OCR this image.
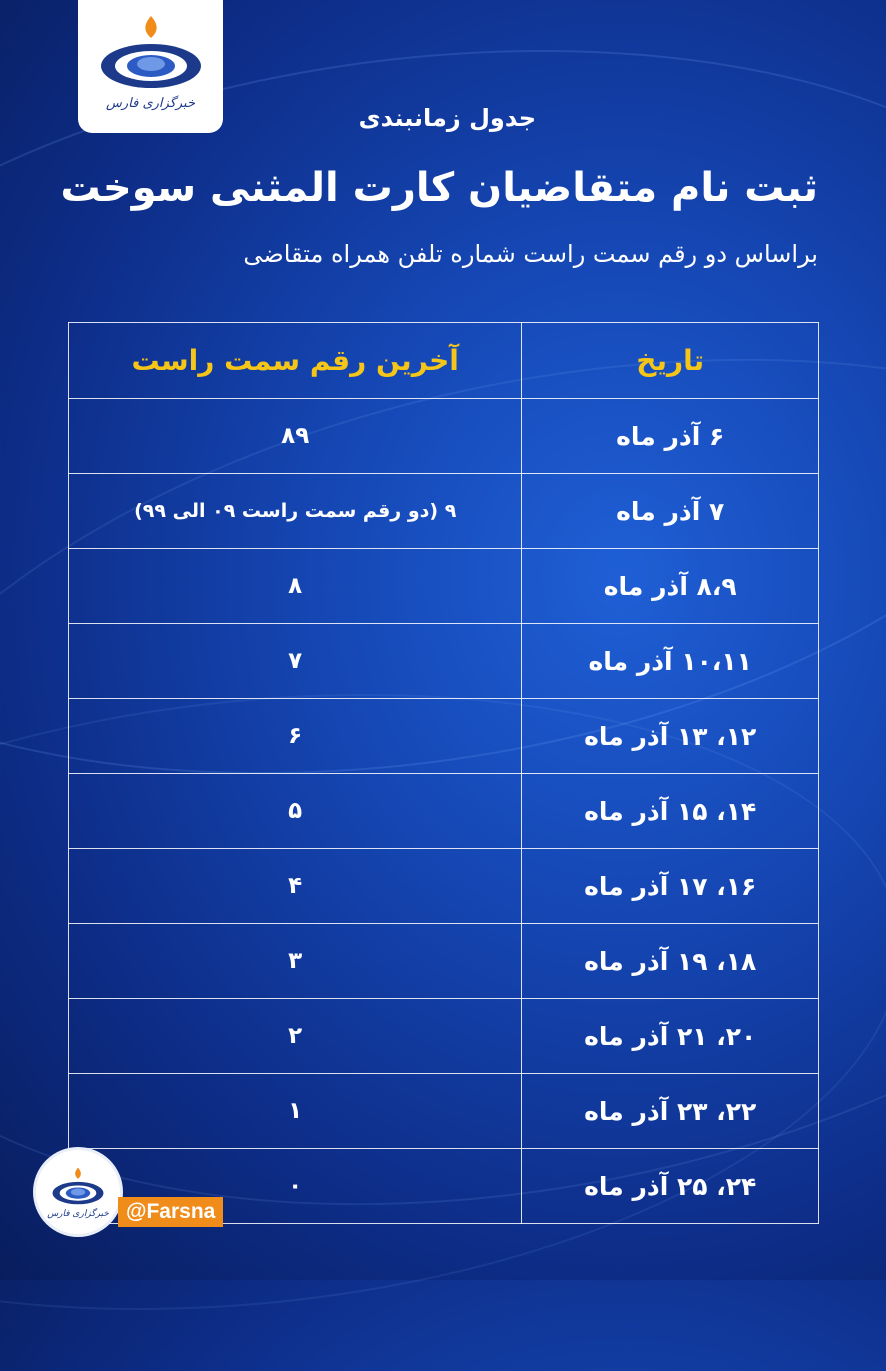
خبرگزاری فارس
جدول زمانبندی
ثبت نام متقاضیان کارت المثنی سوخت
براساس دو رقم سمت راست شماره تلفن همراه متقاضی
تاریخ	آخرین رقم سمت راست
۶ آذر ماه	۸۹
۷ آذر ماه	۹ (دو رقم سمت راست ۰۹ الی ۹۹)
۸،۹ آذر ماه	۸
۱۰،۱۱ آذر ماه	۷
۱۲، ۱۳ آذر ماه	۶
۱۴، ۱۵ آذر ماه	۵
۱۶، ۱۷ آذر ماه	۴
۱۸، ۱۹ آذر ماه	۳
۲۰، ۲۱ آذر ماه	۲
۲۲، ۲۳ آذر ماه	۱
۲۴، ۲۵ آذر ماه	۰
خبرگزاری فارس @Farsna
